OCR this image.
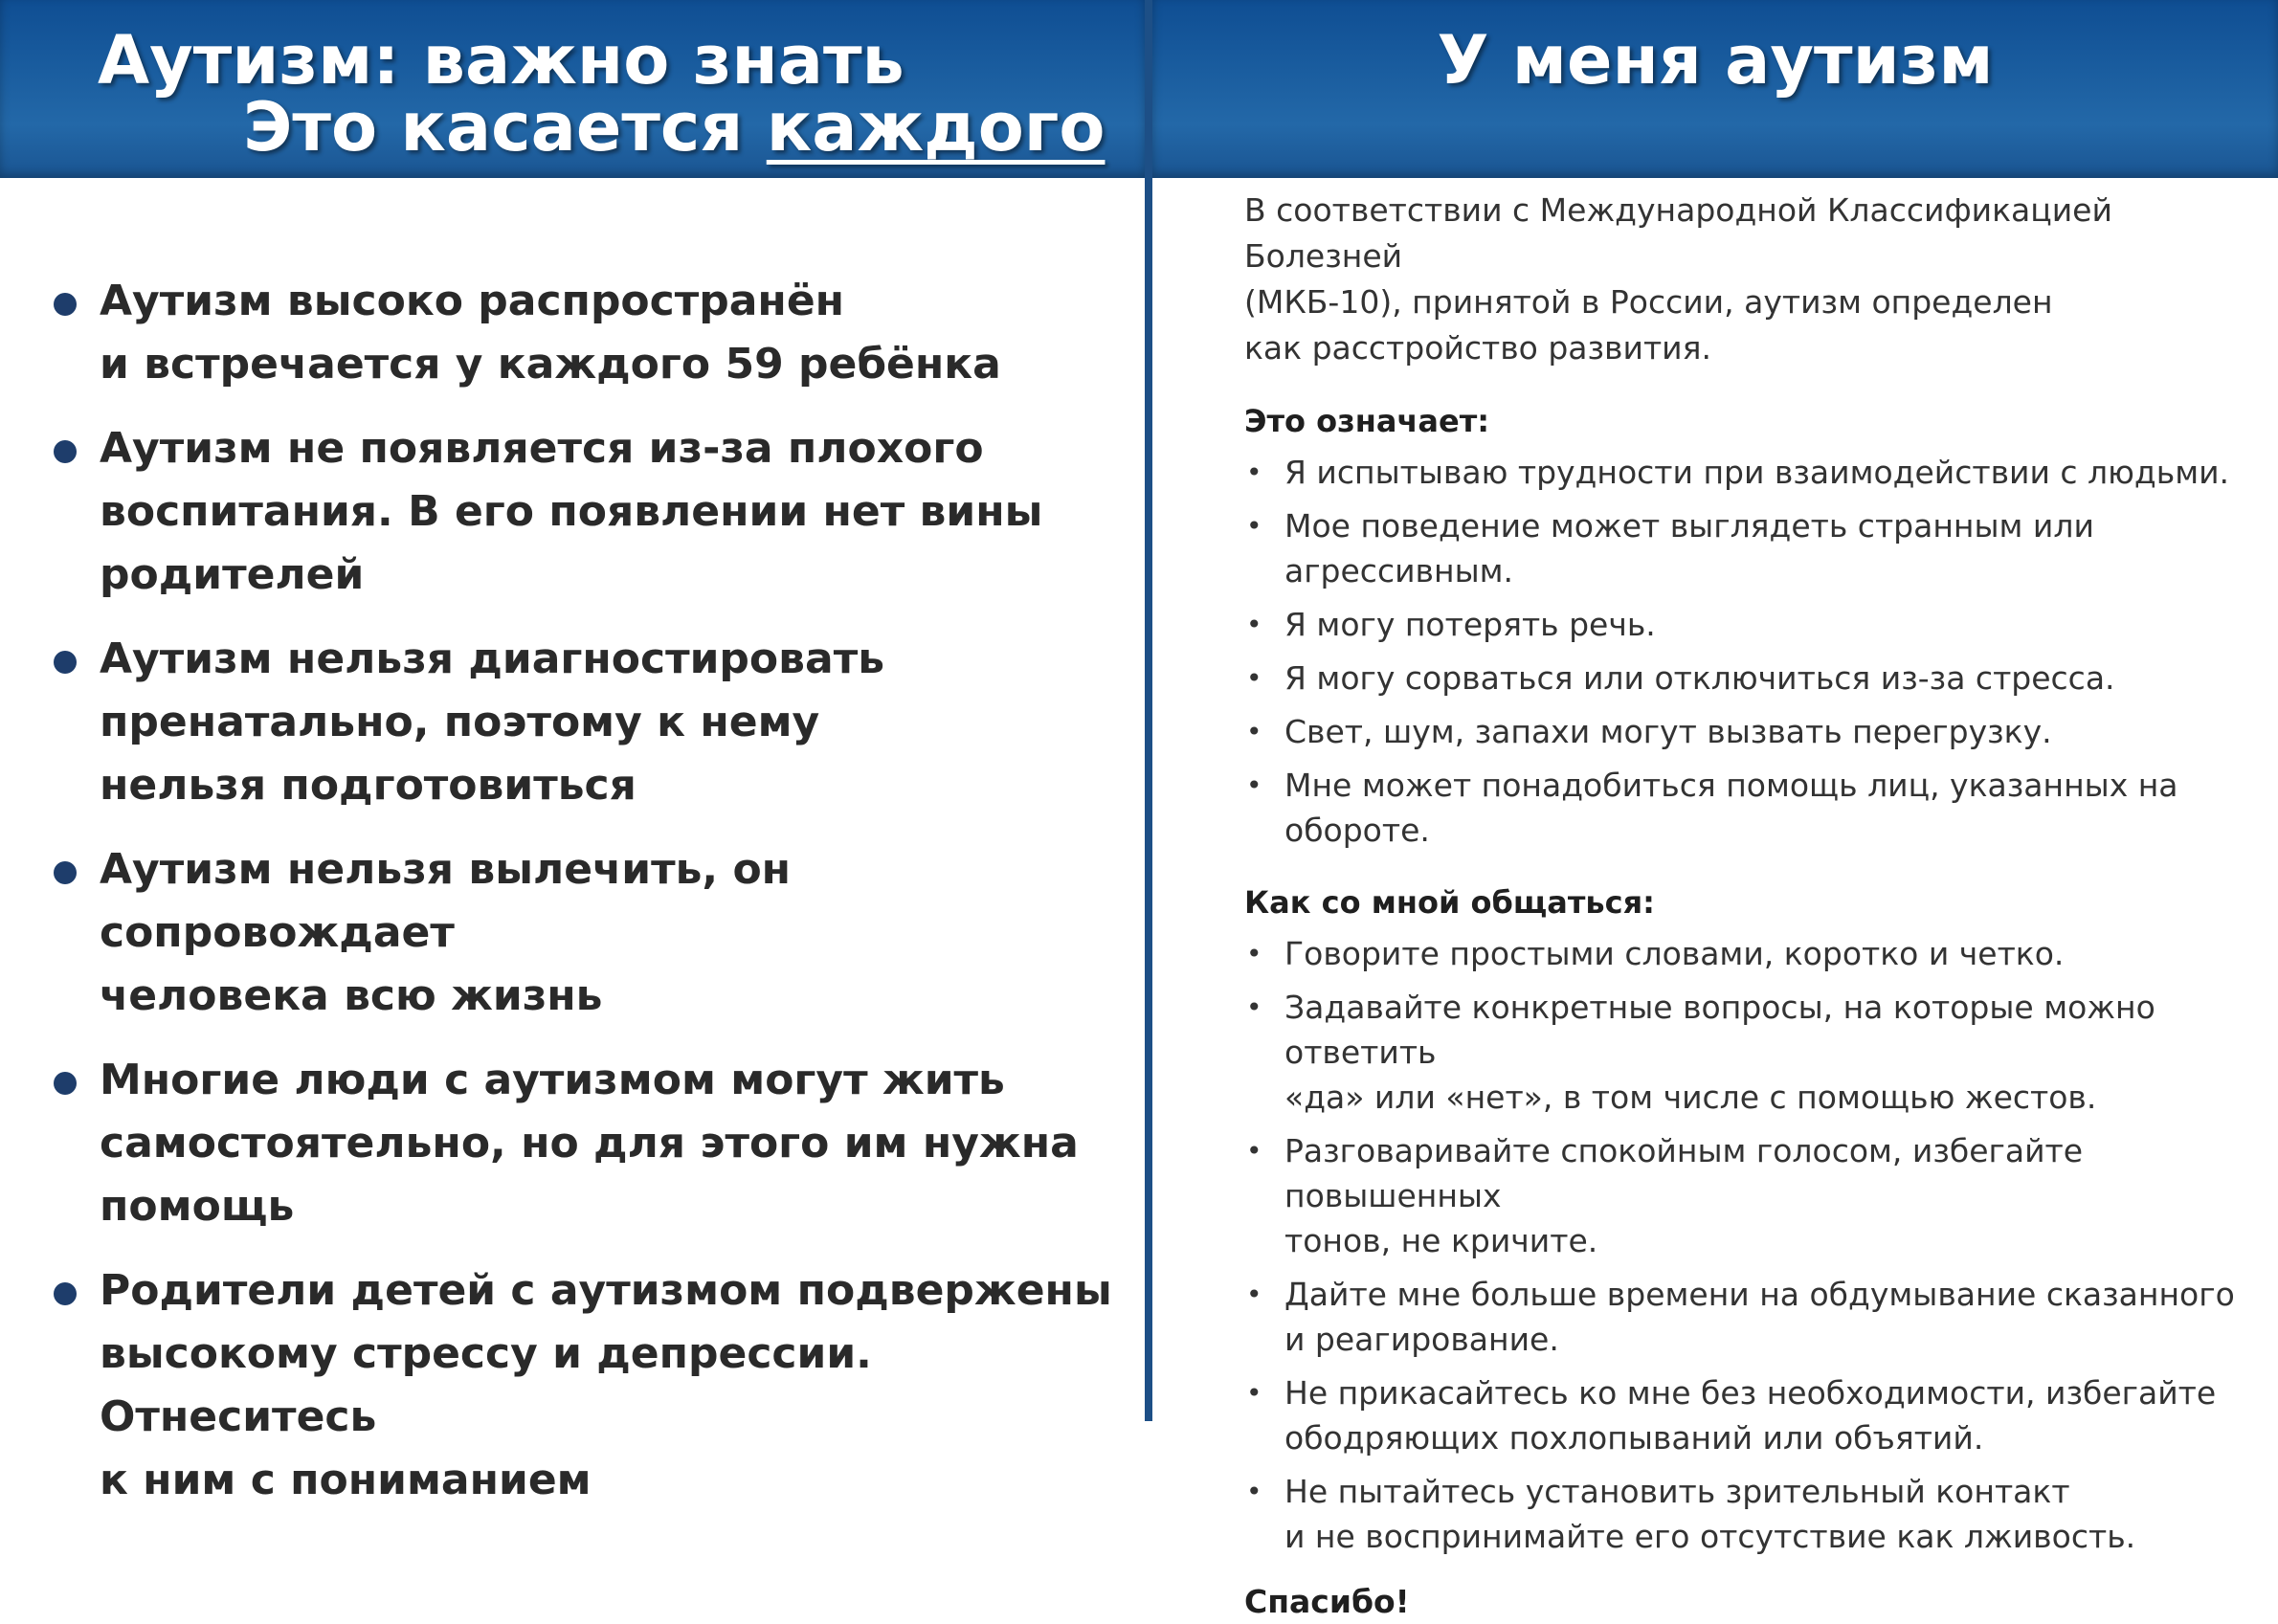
Аутизм: важно знать
Это касается каждого
У меня аутизм
Аутизм высоко распространён
и встречается у каждого 59 ребёнка
Аутизм не появляется из-за плохого
воспитания. В его появлении нет вины
родителей
Аутизм нельзя диагностировать
пренатально, поэтому к нему
нельзя подготовиться
Аутизм нельзя вылечить, он сопровождает
человека всю жизнь
Многие люди с аутизмом могут жить
самостоятельно, но для этого им нужна
помощь
Родители детей с аутизмом подвержены
высокому стрессу и депрессии. Отнеситесь
к ним с пониманием

В соответствии с Международной Классификацией Болезней
(МКБ-10), принятой в России, аутизм определен
как расстройство развития.

Это означает:
• Я испытываю трудности при взаимодействии с людьми.
• Мое поведение может выглядеть странным или агрессивным.
• Я могу потерять речь.
• Я могу сорваться или отключиться из-за стресса.
• Свет, шум, запахи могут вызвать перегрузку.
• Мне может понадобиться помощь лиц, указанных на обороте.
Как со мной общаться:
• Говорите простыми словами, коротко и четко.
• Задавайте конкретные вопросы, на которые можно ответить
«да» или «нет», в том числе с помощью жестов.
• Разговаривайте спокойным голосом, избегайте повышенных
тонов, не кричите.
• Дайте мне больше времени на обдумывание сказанного
и реагирование.
• Не прикасайтесь ко мне без необходимости, избегайте
ободряющих похлопываний или объятий.
• Не пытайтесь установить зрительный контакт
и не воспринимайте его отсутствие как лживость.
Спасибо!
